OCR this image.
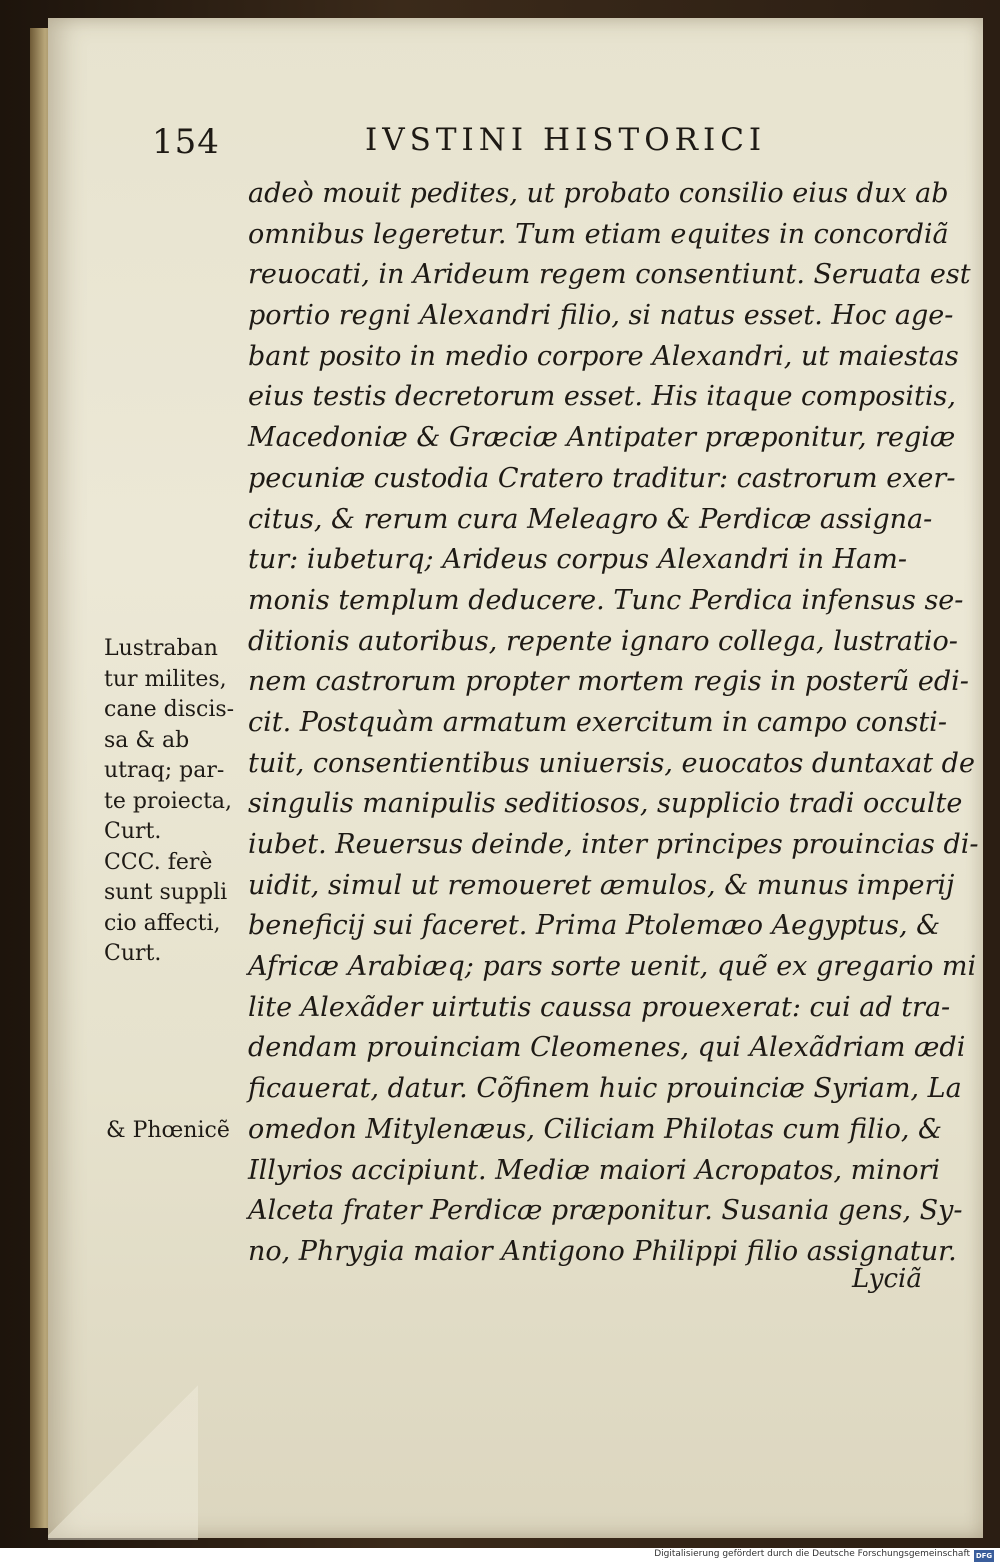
154	IVSTINI HISTORICI
adeò mouit pedites, ut probato consilio eius dux ab
omnibus legeretur. Tum etiam equites in concordiã
reuocati, in Arideum regem consentiunt. Seruata est
portio regni Alexandri filio, si natus esset. Hoc age-
bant posito in medio corpore Alexandri, ut maiestas
eius testis decretorum esset. His itaque compositis,
Macedoniæ & Græciæ Antipater præponitur, regiæ
pecuniæ custodia Cratero traditur: castrorum exer-
citus, & rerum cura Meleagro & Perdicæ assigna-
tur: iubeturq; Arideus corpus Alexandri in Ham-
monis templum deducere. Tunc Perdica infensus se-
ditionis autoribus, repente ignaro collega, lustratio-
nem castrorum propter mortem regis in posterũ edi-
cit. Postquàm armatum exercitum in campo consti-
tuit, consentientibus uniuersis, euocatos duntaxat de
singulis manipulis seditiosos, supplicio tradi occulte
iubet. Reuersus deinde, inter principes prouincias di-
uidit, simul ut remoueret æmulos, & munus imperij
beneficij sui faceret. Prima Ptolemæo Aegyptus, &
Africæ Arabiæq; pars sorte uenit, quẽ ex gregario mi
lite Alexãder uirtutis caussa prouexerat: cui ad tra-
dendam prouinciam Cleomenes, qui Alexãdriam ædi
ficauerat, datur. Cõfinem huic prouinciæ Syriam, La
omedon Mitylenæus, Ciliciam Philotas cum filio, &
Illyrios accipiunt. Mediæ maiori Acropatos, minori
Alceta frater Perdicæ præponitur. Susania gens, Sy-
no, Phrygia maior Antigono Philippi filio assignatur.
Lyciã
Lustraban
tur milites,
cane discis-
sa & ab
utraq; par-
te proiecta,
Curt.
CCC. ferè
sunt suppli
cio affecti,
Curt.
& Phœnicẽ
Digitalisierung gefördert durch die Deutsche Forschungsgemeinschaft DFG
